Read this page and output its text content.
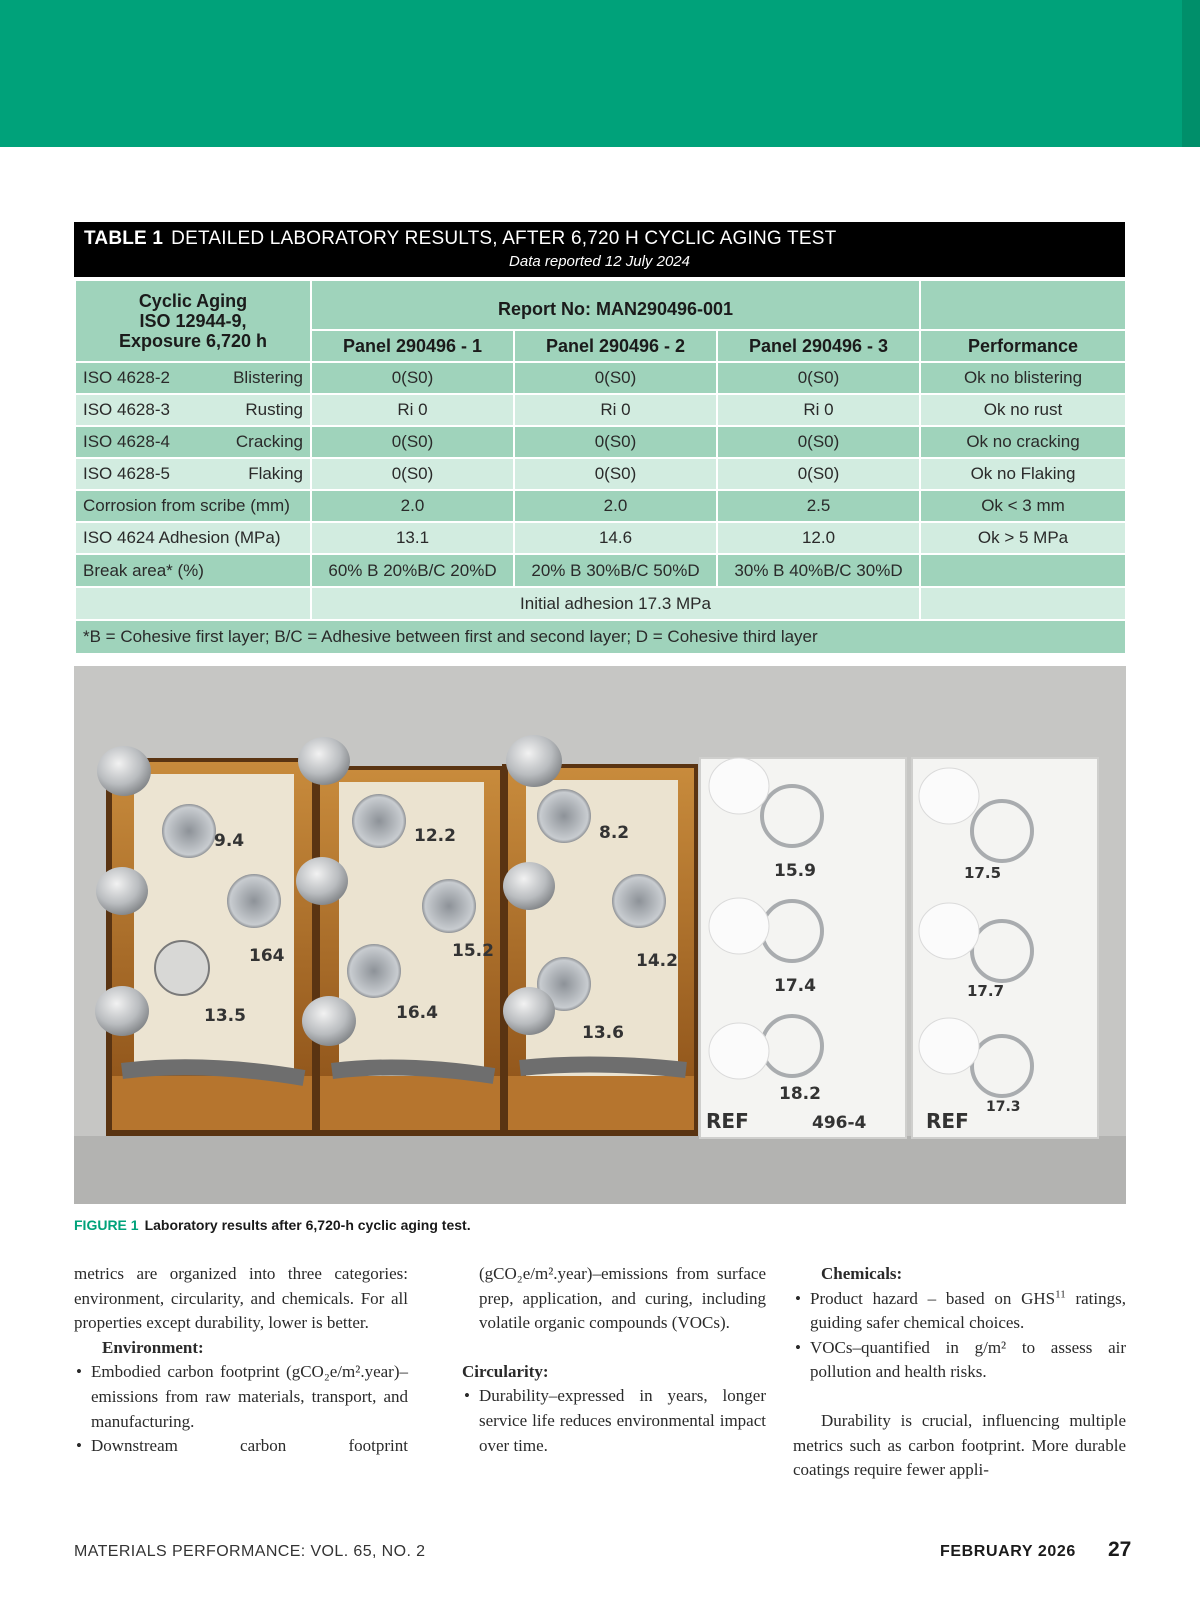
TABLE 1 DETAILED LABORATORY RESULTS, AFTER 6,720 H CYCLIC AGING TEST
Data reported 12 July 2024
Cyclic Aging
ISO 12944-9,
Exposure 6,720 h	Report No: MAN290496-001			
	Panel 290496 - 1	Panel 290496 - 2	Panel 290496 - 3	Performance

ISO 4628-2 Blistering	0(S0)	0(S0)	0(S0)	Ok no blistering

ISO 4628-3 Rusting	Ri 0	Ri 0	Ri 0	Ok no rust

ISO 4628-4 Cracking	0(S0)	0(S0)	0(S0)	Ok no cracking

ISO 4628-5 Flaking	0(S0)	0(S0)	0(S0)	Ok no Flaking
Corrosion from scribe (mm)	2.0	2.0	2.5	Ok < 3 mm
ISO 4624 Adhesion (MPa)	13.1	14.6	12.0	Ok > 5 MPa
Break area* (%)	60% B 20%B/C 20%D	20% B 30%B/C 50%D	30% B 40%B/C 30%D	
	Initial adhesion 17.3 MPa			
*B = Cohesive first layer; B/C = Adhesive between first and second layer; D = Cohesive third layer				
9.4
164
13.5
12.2
15.2
16.4
8.2
14.2
13.6
15.9
17.4
18.2
REF	496-4
17.5
17.7
REF
17.3
FIGURE 1 Laboratory results after 6,720-h cyclic aging test.

metrics are organized into three categories: environment, circularity, and chemicals. For all properties except durability, lower is better.

Environment:

• Embodied carbon footprint (gCO₂e/m².year)–emissions from raw materials, transport, and manufacturing.
• Downstream carbon footprint

(gCO₂e/m².year)–emissions from surface prep, application, and curing, including volatile organic compounds (VOCs).

Circularity:

• Durability–expressed in years, longer service life reduces environmental impact over time.

Chemicals:

• Product hazard – based on GHS$^{11}$ ratings, guiding safer chemical choices.
• VOCs–quantified in g/m² to assess air pollution and health risks.

Durability is crucial, influencing multiple metrics such as carbon footprint. More durable coatings require fewer appli-

MATERIALS PERFORMANCE: VOL. 65, NO. 2	FEBRUARY 2026 27
